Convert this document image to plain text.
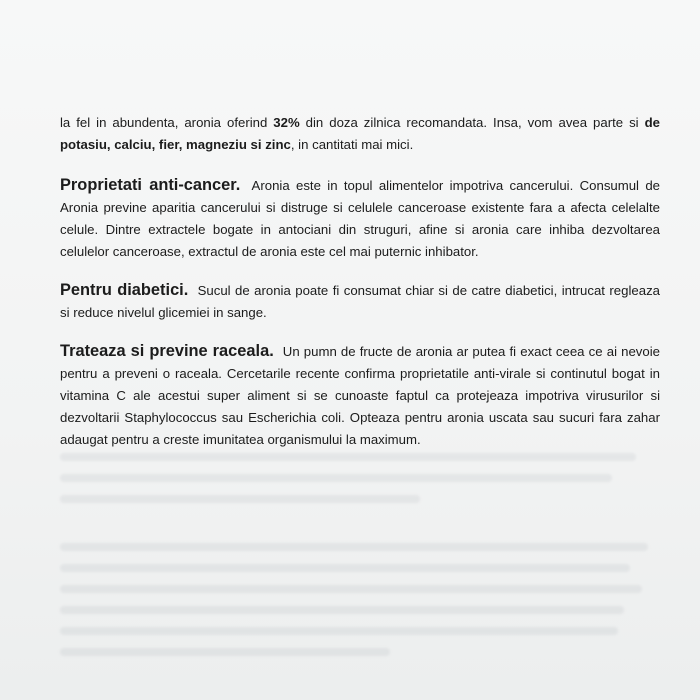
la fel in abundenta, aronia oferind 32% din doza zilnica recomandata. Insa, vom avea parte si de potasiu, calciu, fier, magneziu si zinc, in cantitati mai mici.

Proprietati anti-cancer. Aronia este in topul alimentelor impotriva cancerului. Consumul de Aronia previne aparitia cancerului si distruge si celulele canceroase existente fara a afecta celelalte celule. Dintre extractele bogate in antociani din struguri, afine si aronia care inhiba dezvoltarea celulelor canceroase, extractul de aronia este cel mai puternic inhibator.

Pentru diabetici. Sucul de aronia poate fi consumat chiar si de catre diabetici, intrucat regleaza si reduce nivelul glicemiei in sange.

Trateaza si previne raceala. Un pumn de fructe de aronia ar putea fi exact ceea ce ai nevoie pentru a preveni o raceala. Cercetarile recente confirma proprietatile anti-virale si continutul bogat in vitamina C ale acestui super aliment si se cunoaste faptul ca protejeaza impotriva virusurilor si dezvoltarii Staphylococcus sau Escherichia coli. Opteaza pentru aronia uscata sau sucuri fara zahar adaugat pentru a creste imunitatea organismului la maximum.
